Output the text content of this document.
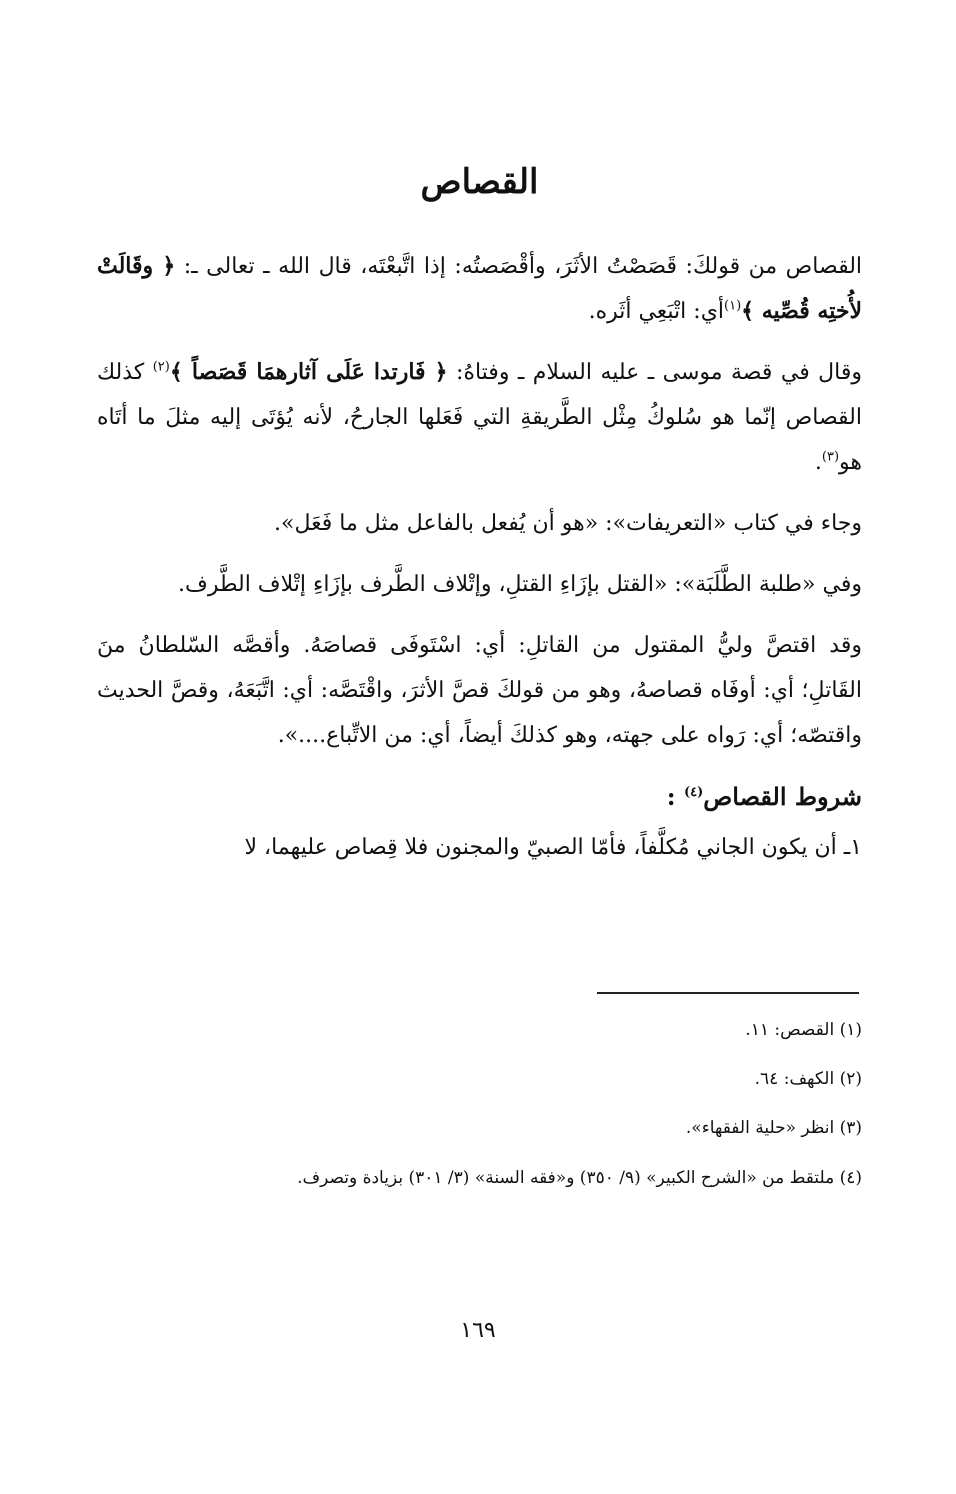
القصاص

القصاص من قولكَ: قَصَصْتُ الأثَرَ، وأقْصَصتُه: إذا اتَّبعْتَه، قال الله ـ تعالى ـ: ﴿ وقَالَتْ لأُختِه قُصِّيه ﴾$^{(١)}$أي: اتْبَعِي أثَره.

وقال في قصة موسى ـ عليه السلام ـ وفتاهُ: ﴿ فَارتدا عَلَى آثارهمَا قَصَصاً ﴾$^{(٢)}$ كذلك القصاص إنّما هو سُلوكُ مِثْل الطَّريقةِ التي فَعَلها الجارحُ، لأنه يُؤتَى إليه مثلَ ما أتَاه هو$^{(٣)}$.

وجاء في كتاب «التعريفات»: «هو أن يُفعل بالفاعل مثل ما فَعَل».

وفي «طلبة الطَّلَبَة»: «القتل بإزَاءِ القتلِ، وإتْلاف الطَّرف بإزَاءِ إتْلاف الطَّرف.

وقد اقتصَّ وليُّ المقتول من القاتلِ: أي: اسْتَوفَى قصاصَهُ. وأقصَّه السّلطانُ منَ القَاتلِ؛ أي: أوفَاه قصاصهُ، وهو من قولكَ قصَّ الأثرَ، واقْتَصَّه: أي: اتَّبَعَهُ، وقصَّ الحديث واقتصّه؛ أي: رَواه على جهته، وهو كذلكَ أيضاً، أي: من الاتِّباع....».

شروط القصاص$^{(٤)}$ :

١ـ أن يكون الجاني مُكلَّفاً، فأمّا الصبيّ والمجنون فلا قِصاص عليهما، لا

(١) القصص: ١١.
(٢) الكهف: ٦٤.
(٣) انظر «حلية الفقهاء».
(٤) ملتقط من «الشرح الكبير» (٩/ ٣٥٠) و«فقه السنة» (٣/ ٣٠١) بزيادة وتصرف.
١٦٩
